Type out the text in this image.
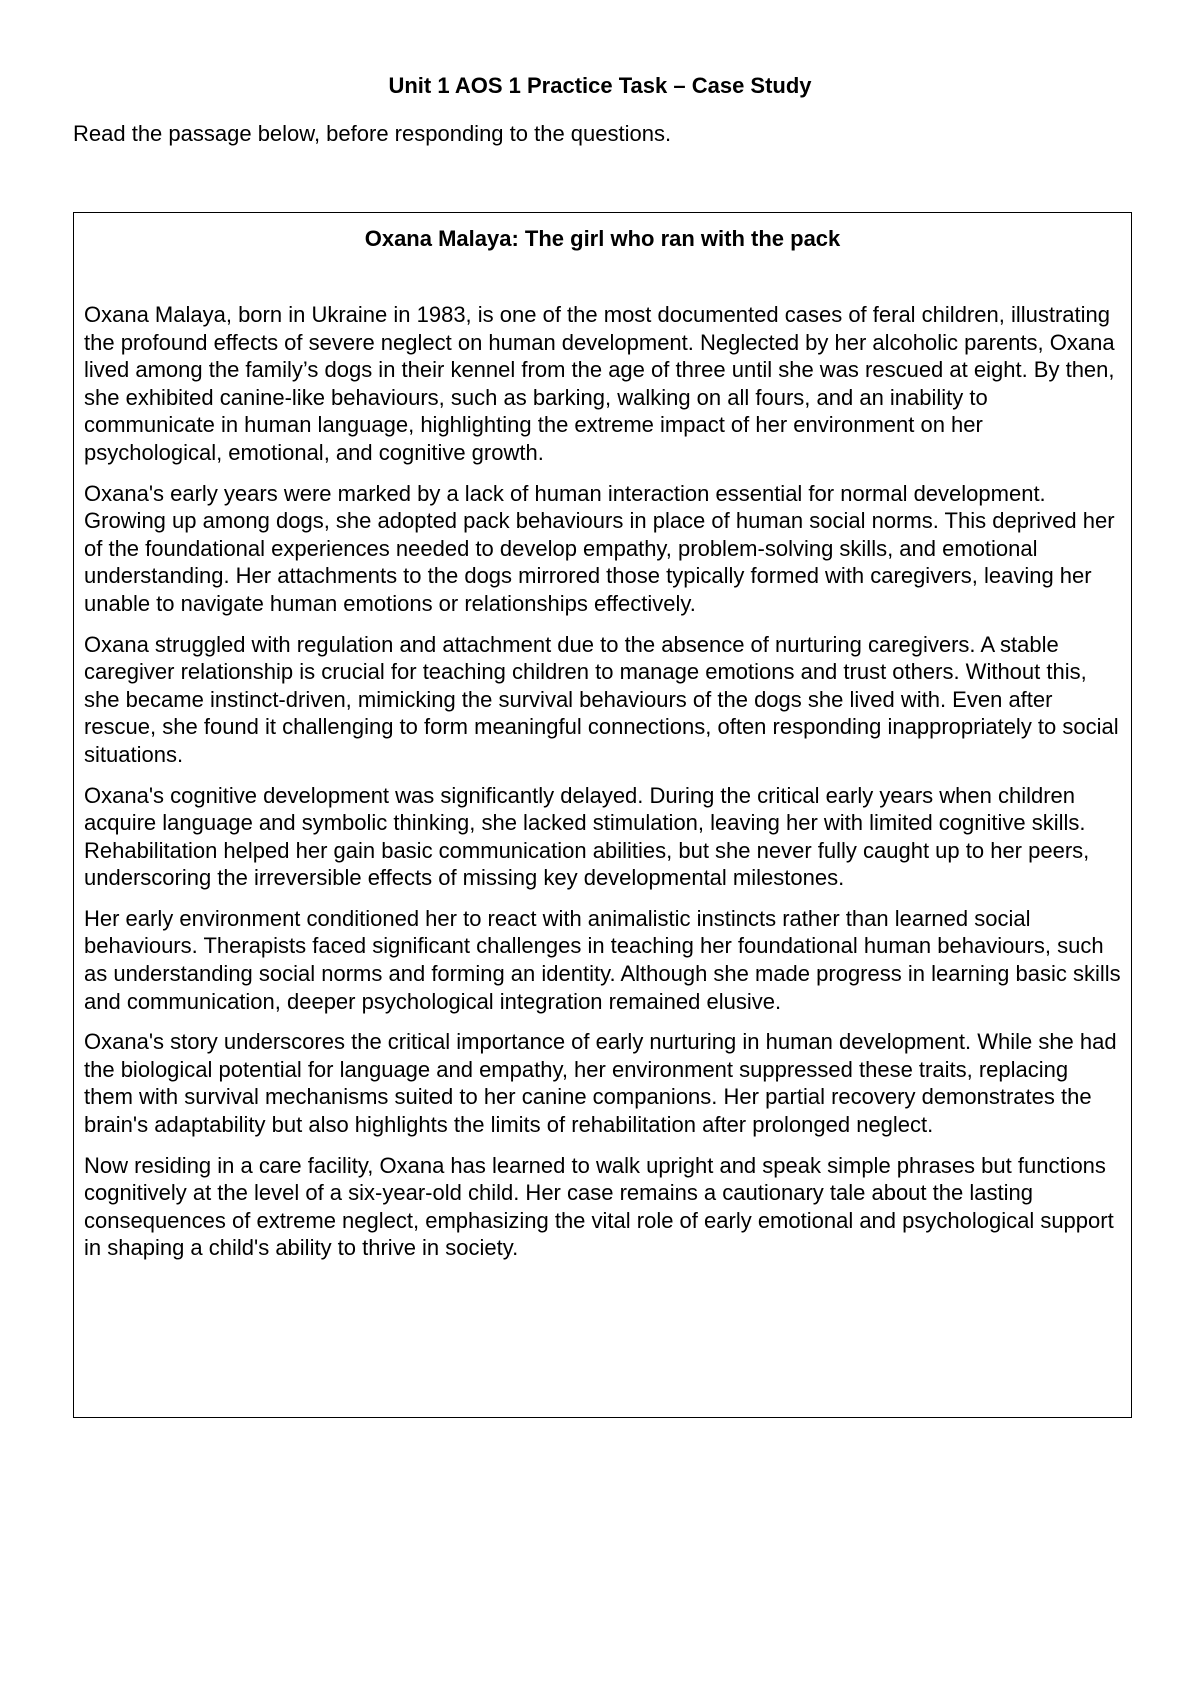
Unit 1 AOS 1 Practice Task – Case Study
Read the passage below, before responding to the questions.
Oxana Malaya: The girl who ran with the pack

Oxana Malaya, born in Ukraine in 1983, is one of the most documented cases of feral children, illustrating the profound effects of severe neglect on human development. Neglected by her alcoholic parents, Oxana lived among the family’s dogs in their kennel from the age of three until she was rescued at eight. By then, she exhibited canine-like behaviours, such as barking, walking on all fours, and an inability to communicate in human language, highlighting the extreme impact of her environment on her psychological, emotional, and cognitive growth.

Oxana's early years were marked by a lack of human interaction essential for normal development. Growing up among dogs, she adopted pack behaviours in place of human social norms. This deprived her of the foundational experiences needed to develop empathy, problem-solving skills, and emotional understanding. Her attachments to the dogs mirrored those typically formed with caregivers, leaving her unable to navigate human emotions or relationships effectively.

Oxana struggled with regulation and attachment due to the absence of nurturing caregivers. A stable caregiver relationship is crucial for teaching children to manage emotions and trust others. Without this, she became instinct-driven, mimicking the survival behaviours of the dogs she lived with. Even after rescue, she found it challenging to form meaningful connections, often responding inappropriately to social situations.

Oxana's cognitive development was significantly delayed. During the critical early years when children acquire language and symbolic thinking, she lacked stimulation, leaving her with limited cognitive skills. Rehabilitation helped her gain basic communication abilities, but she never fully caught up to her peers, underscoring the irreversible effects of missing key developmental milestones.

Her early environment conditioned her to react with animalistic instincts rather than learned social behaviours. Therapists faced significant challenges in teaching her foundational human behaviours, such as understanding social norms and forming an identity. Although she made progress in learning basic skills and communication, deeper psychological integration remained elusive.

Oxana's story underscores the critical importance of early nurturing in human development. While she had the biological potential for language and empathy, her environment suppressed these traits, replacing them with survival mechanisms suited to her canine companions. Her partial recovery demonstrates the brain's adaptability but also highlights the limits of rehabilitation after prolonged neglect.

Now residing in a care facility, Oxana has learned to walk upright and speak simple phrases but functions cognitively at the level of a six-year-old child. Her case remains a cautionary tale about the lasting consequences of extreme neglect, emphasizing the vital role of early emotional and psychological support in shaping a child's ability to thrive in society.
